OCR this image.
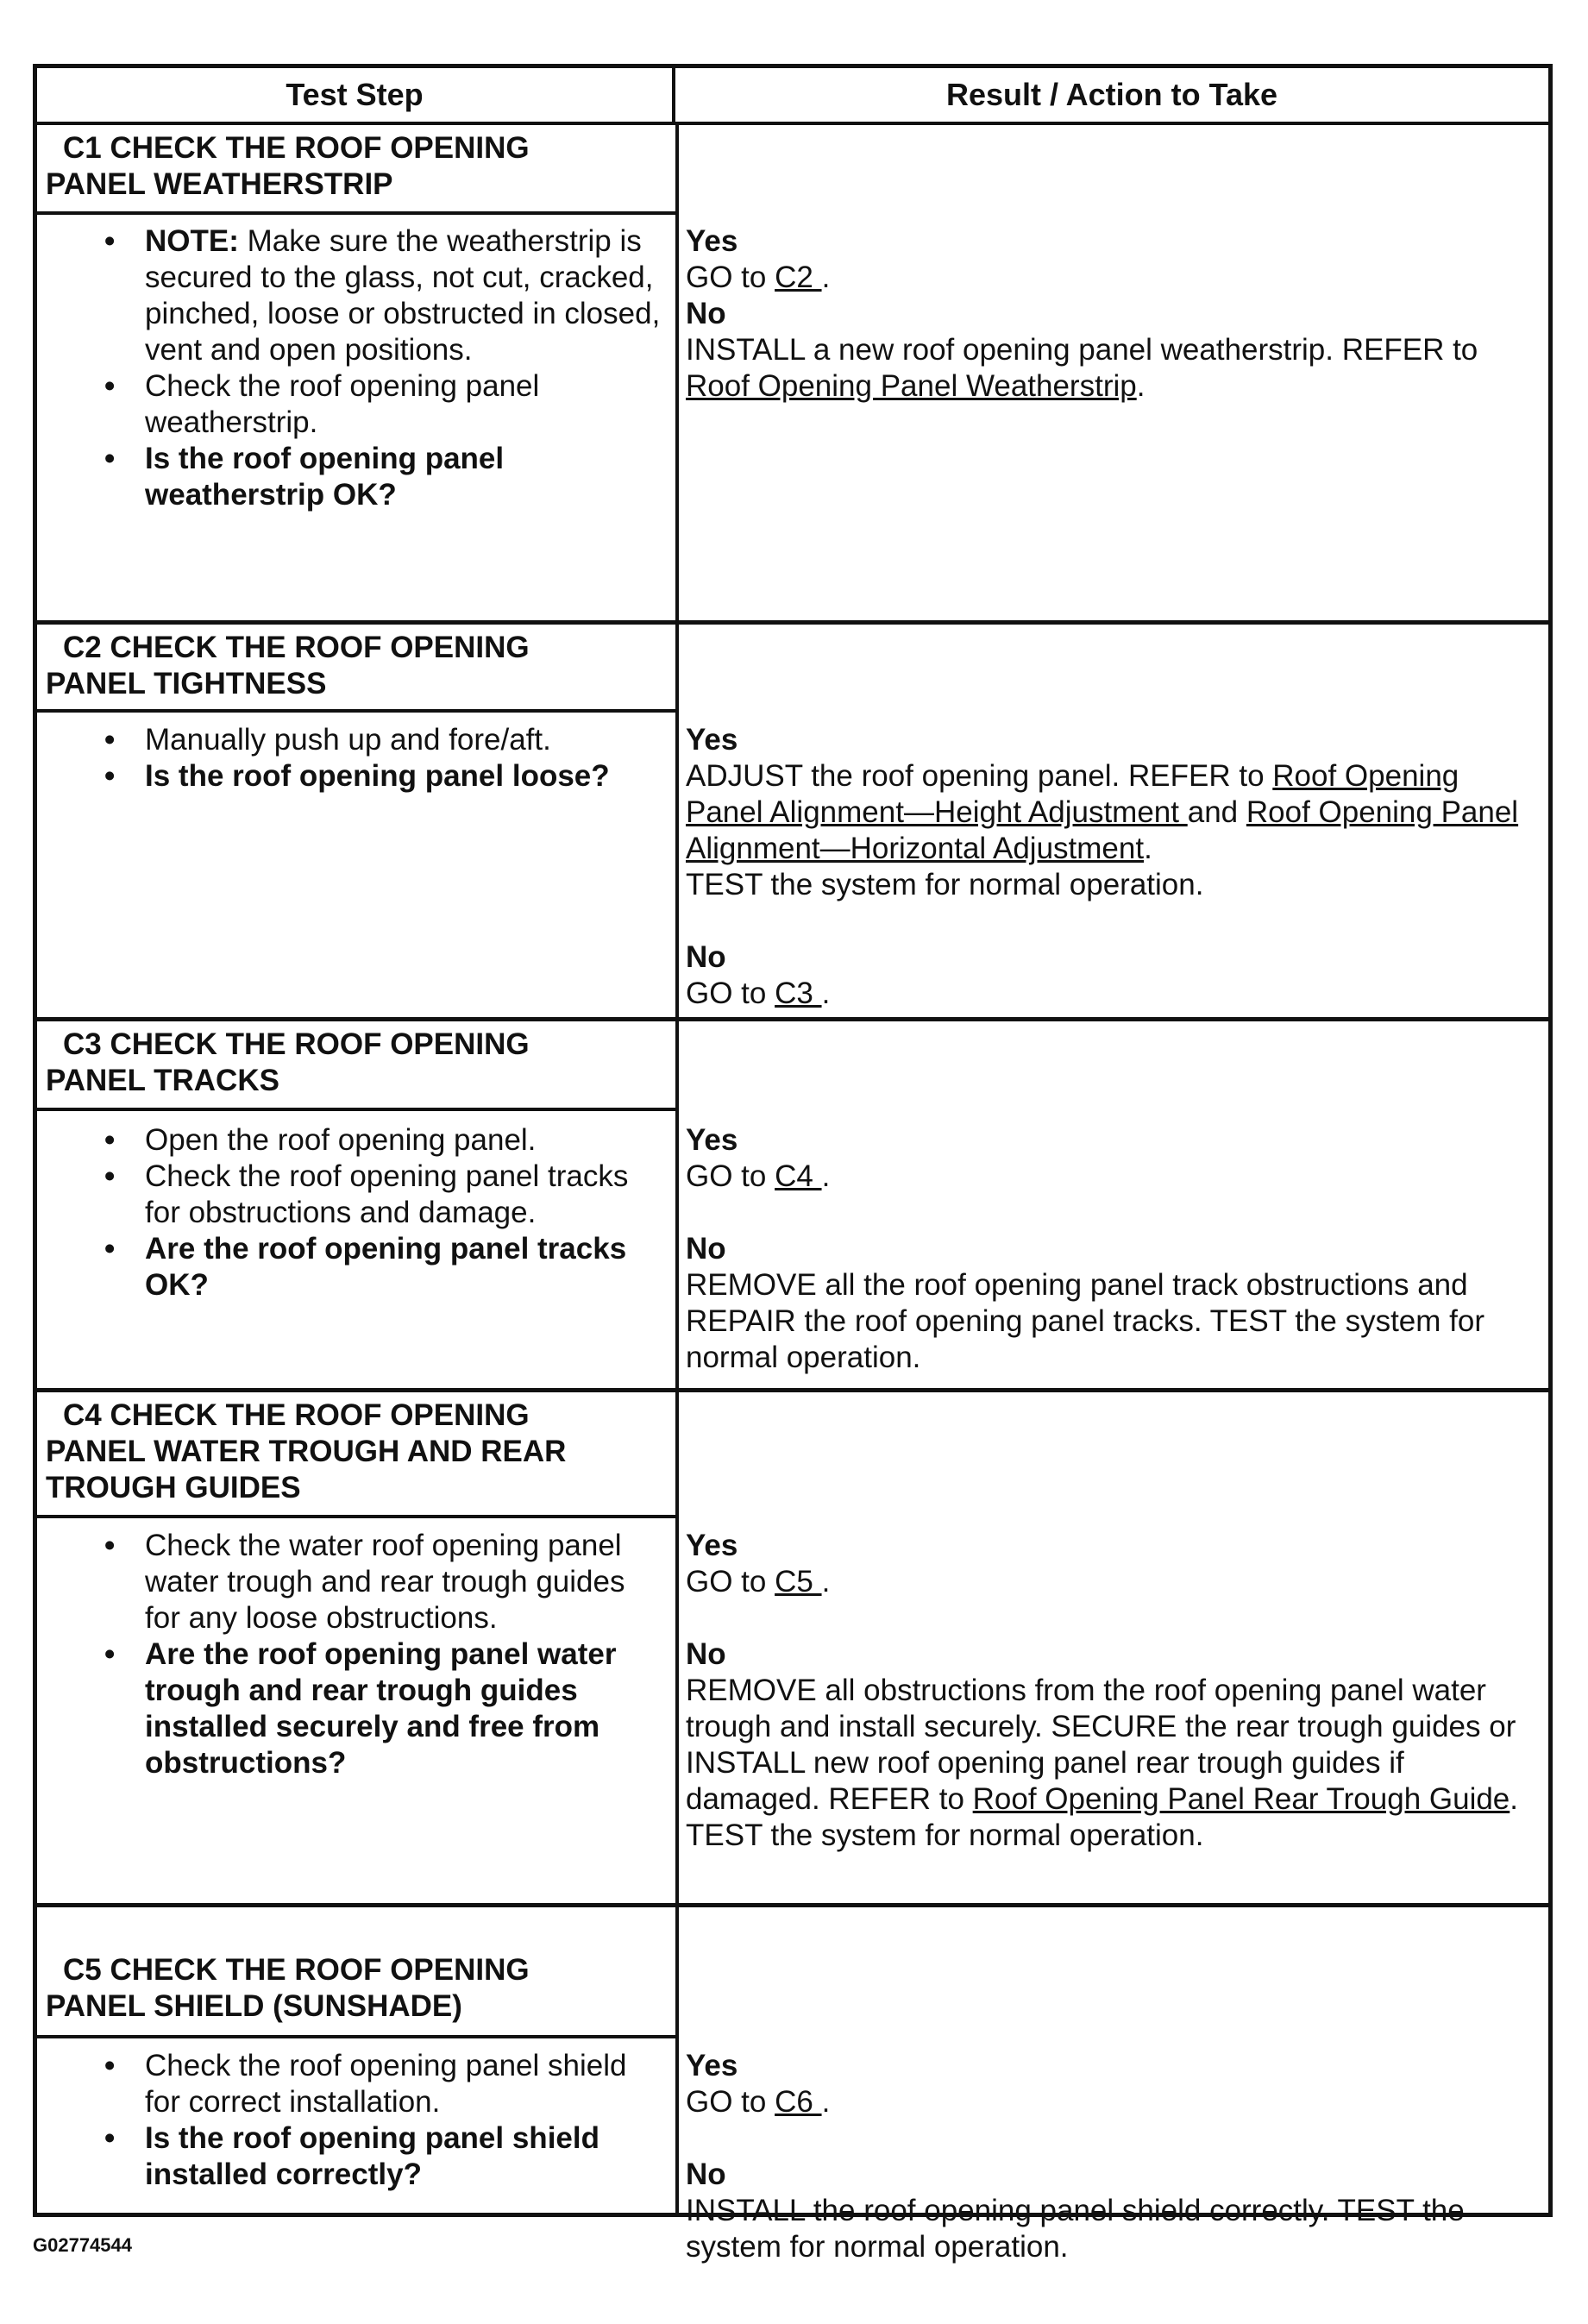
Test Step	Result / Action to Take
C1 CHECK THE ROOF OPENING
PANEL WEATHERSTRIP
• NOTE: Make sure the weatherstrip is secured to the glass, not cut, cracked, pinched, loose or obstructed in closed, vent and open positions.
• Check the roof opening panel weatherstrip.
• Is the roof opening panel weatherstrip OK?
Yes
GO to C2 .
No
INSTALL a new roof opening panel weatherstrip. REFER to Roof Opening Panel Weatherstrip.
C2 CHECK THE ROOF OPENING
PANEL TIGHTNESS
• Manually push up and fore/aft.
• Is the roof opening panel loose?
Yes
ADJUST the roof opening panel. REFER to Roof Opening Panel Alignment—Height Adjustment and Roof Opening Panel Alignment—Horizontal Adjustment.
TEST the system for normal operation.
No
GO to C3 .
C3 CHECK THE ROOF OPENING
PANEL TRACKS
• Open the roof opening panel.
• Check the roof opening panel tracks for obstructions and damage.
• Are the roof opening panel tracks OK?
Yes
GO to C4 .
No
REMOVE all the roof opening panel track obstructions and REPAIR the roof opening panel tracks. TEST the system for normal operation.
C4 CHECK THE ROOF OPENING
PANEL WATER TROUGH AND REAR
TROUGH GUIDES
• Check the water roof opening panel water trough and rear trough guides for any loose obstructions.
• Are the roof opening panel water trough and rear trough guides installed securely and free from obstructions?
Yes
GO to C5 .
No
REMOVE all obstructions from the roof opening panel water trough and install securely. SECURE the rear trough guides or INSTALL new roof opening panel rear trough guides if damaged. REFER to Roof Opening Panel Rear Trough Guide. TEST the system for normal operation.
C5 CHECK THE ROOF OPENING
PANEL SHIELD (SUNSHADE)
• Check the roof opening panel shield for correct installation.
• Is the roof opening panel shield installed correctly?
Yes
GO to C6 .
No
INSTALL the roof opening panel shield correctly. TEST the system for normal operation.
G02774544
